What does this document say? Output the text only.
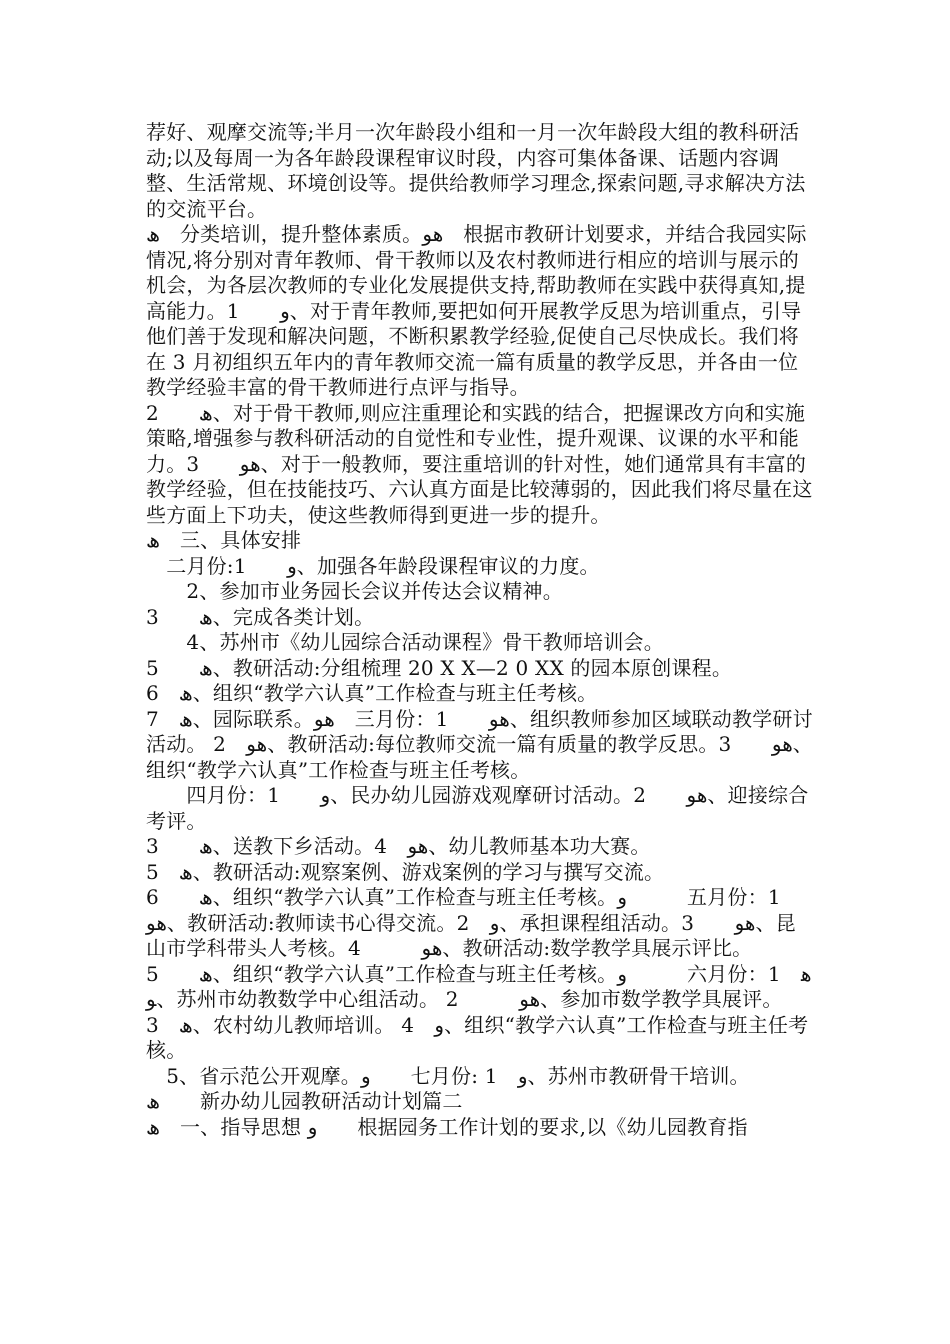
荐好、观摩交流等;半月一次年龄段小组和一月一次年龄段大组的教科研活动;以及每周一为各年龄段课程审议时段，内容可集体备课、话题内容调整、生活常规、环境创设等。提供给教师学习理念,探索问题,寻求解决方法的交流平台。

ھ　分类培训，提升整体素质。ھو　根据市教研计划要求，并结合我园实际情况,将分别对青年教师、骨干教师以及农村教师进行相应的培训与展示的机会，为各层次教师的专业化发展提供支持,帮助教师在实践中获得真知,提高能力。1　　و、对于青年教师,要把如何开展教学反思为培训重点，引导他们善于发现和解决问题，不断积累教学经验,促使自己尽快成长。我们将在 3 月初组织五年内的青年教师交流一篇有质量的教学反思，并各由一位教学经验丰富的骨干教师进行点评与指导。

2　　ھ、对于骨干教师,则应注重理论和实践的结合，把握课改方向和实施策略,增强参与教科研活动的自觉性和专业性，提升观课、议课的水平和能力。3　　ھو、对于一般教师，要注重培训的针对性，她们通常具有丰富的教学经验，但在技能技巧、六认真方面是比较薄弱的，因此我们将尽量在这些方面上下功夫，使这些教师得到更进一步的提升。

ھ　三、具体安排

　二月份:1　　و、加强各年龄段课程审议的力度。

　　2、参加市业务园长会议并传达会议精神。

3　　ھ、完成各类计划。

　　4、苏州市《幼儿园综合活动课程》骨干教师培训会。

5　　ھ、教研活动:分组梳理 20 X X—2 0 XX 的园本原创课程。

6　ھ、组织“教学六认真”工作检查与班主任考核。

7　ھ、园际联系。ھو　三月份：1　　ھو、组织教师参加区域联动教学研讨活动。 2　ھو、教研活动:每位教师交流一篇有质量的教学反思。3　　ھو、组织“教学六认真”工作检查与班主任考核。

　　四月份：1　　و、民办幼儿园游戏观摩研讨活动。2　　ھو、迎接综合考评。

3　　ھ、送教下乡活动。4　ھو、幼儿教师基本功大赛。

5　ھ、教研活动:观察案例、游戏案例的学习与撰写交流。

6　　ھ、组织“教学六认真”工作检查与班主任考核。و　　　五月份：1　　　ھو、教研活动:教师读书心得交流。2　و、承担课程组活动。3　　ھو、昆山市学科带头人考核。4　　　ھو、教研活动:数学教学具展示评比。

5　　ھ、组织“教学六认真”工作检查与班主任考核。و　　　六月份：1　ھو、苏州市幼教数学中心组活动。 2　　　ھو、参加市数学教学具展评。

3　ھ、农村幼儿教师培训。 4　و、组织“教学六认真”工作检查与班主任考核。

　5、省示范公开观摩。و　　七月份: 1　و、苏州市教研骨干培训。

ھ　　新办幼儿园教研活动计划篇二

ھ　一、指导思想 و　　根据园务工作计划的要求,以《幼儿园教育指
